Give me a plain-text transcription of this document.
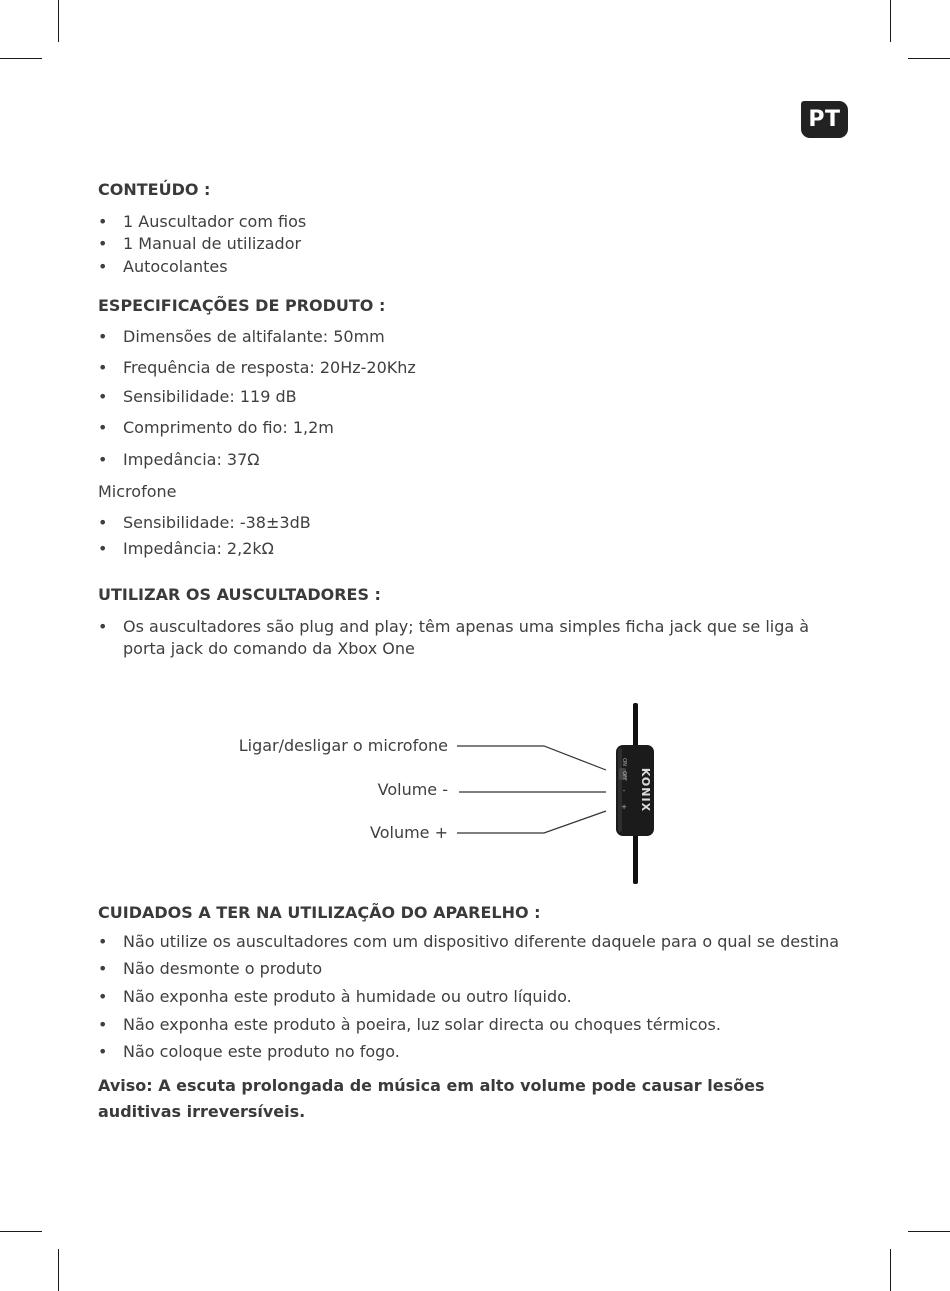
PT
CONTEÚDO :
• 1 Auscultador com fios
• 1 Manual de utilizador
• Autocolantes
ESPECIFICAÇÕES DE PRODUTO :
• Dimensões de altifalante: 50mm
• Frequência de resposta: 20Hz-20Khz
• Sensibilidade: 119 dB
• Comprimento do fio: 1,2m
• Impedância: 37Ω

Microfone

• Sensibilidade: -38±3dB
• Impedância: 2,2kΩ
UTILIZAR OS AUSCULTADORES :
• Os auscultadores são plug and play; têm apenas uma simples ficha jack que se liga à porta jack do comando da Xbox One
Ligar/desligar o microfone
Volume -
Volume +
ON
OFF
-
+ KONIX
CUIDADOS A TER NA UTILIZAÇÃO DO APARELHO :
• Não utilize os auscultadores com um dispositivo diferente daquele para o qual se destina
• Não desmonte o produto
• Não exponha este produto à humidade ou outro líquido.
• Não exponha este produto à poeira, luz solar directa ou choques térmicos.
• Não coloque este produto no fogo.

Aviso: A escuta prolongada de música em alto volume pode causar lesões auditivas irreversíveis.
